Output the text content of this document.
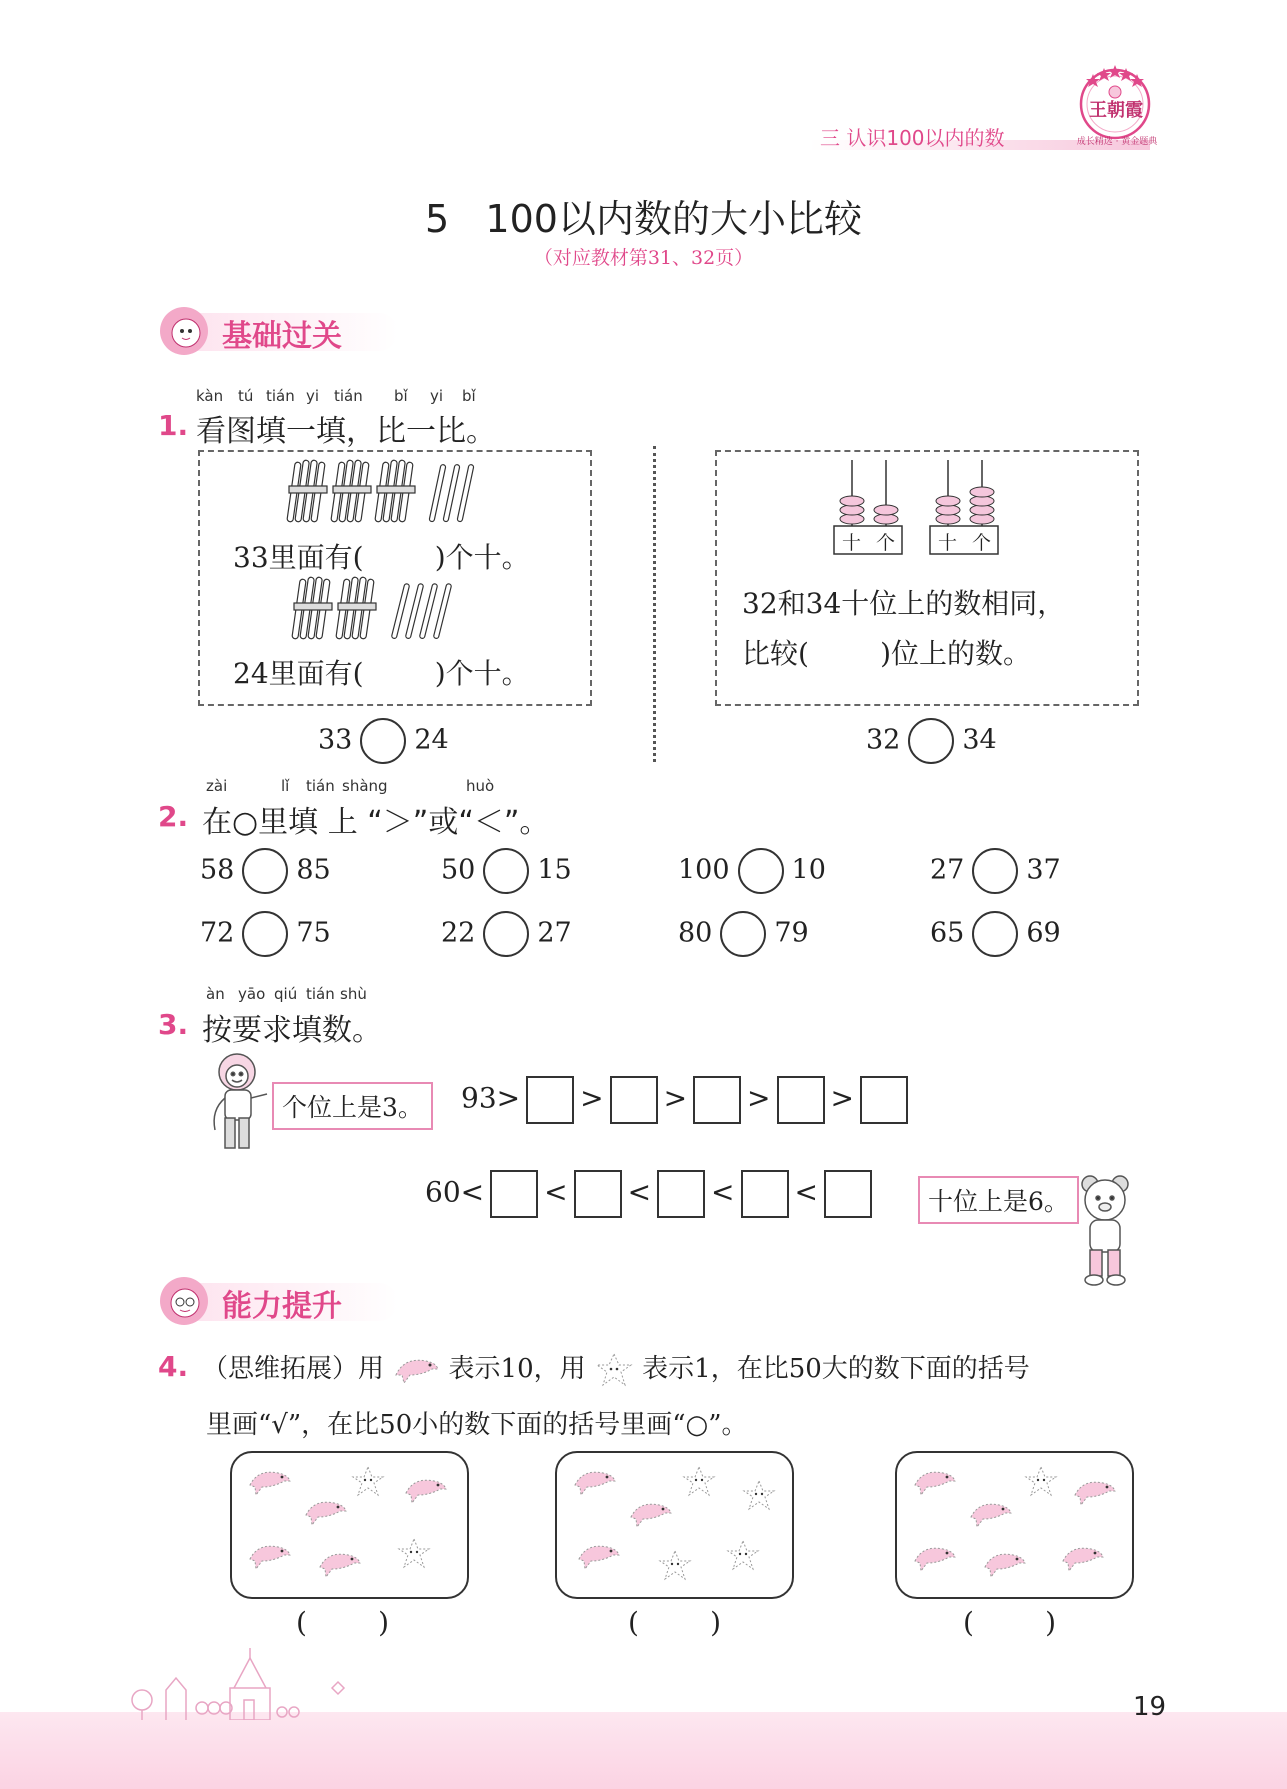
三 认识100以内的数
王朝霞
成长精选 · 黄金题典
5   100以内数的大小比较
（对应教材第31、32页）
基础过关
kàn tú tián yi tián bǐ yi bǐ
1. 看图填一填，比一比。
33里面有(        )个十。
24里面有(        )个十。
33 24
十 个 十 个
32和34十位上的数相同，
比较(        )位上的数。
32 34
zài	lǐ tián shàng	huò
2. 在○里填 上 “＞”或“＜”。
58 85	50 15	100 10	27 37
72 75	22 27	80 79	65 69
àn yāo qiú tián shù
3. 按要求填数。
个位上是3。	93> > > > >
60< < < < <	十位上是6。
能力提升
4. （思维拓展）用 表示10，用 表示1，在比50大的数下面的括号
里画“√”，在比50小的数下面的括号里画“○”。
(        )	(        )	(        )
19
